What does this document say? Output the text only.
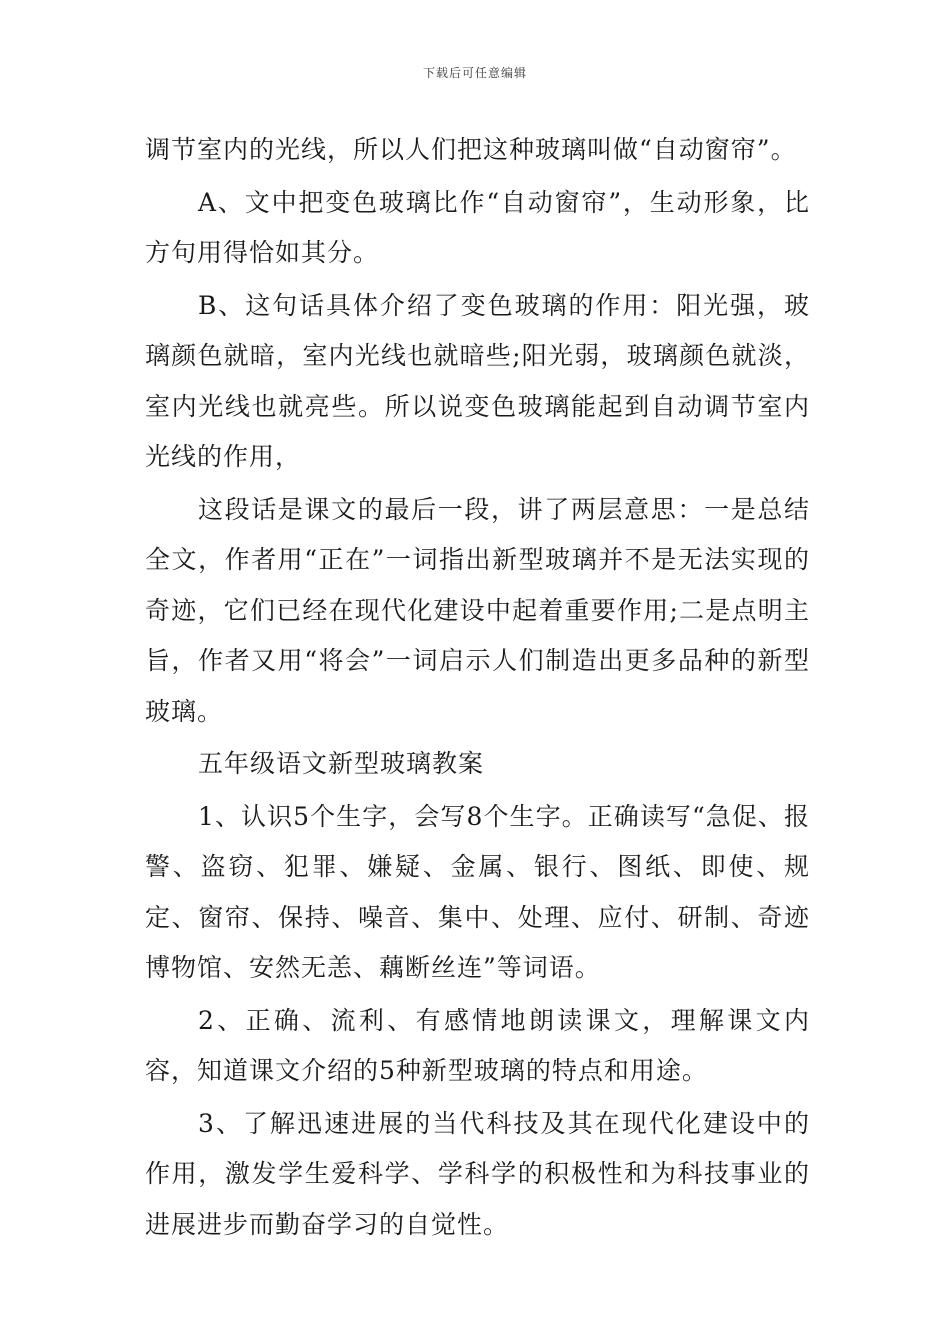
下载后可任意编辑

调节室内的光线，所以人们把这种玻璃叫做“自动窗帘”。

A、文中把变色玻璃比作“自动窗帘”，生动形象，比方句用得恰如其分。

B、这句话具体介绍了变色玻璃的作用：阳光强，玻璃颜色就暗，室内光线也就暗些;阳光弱，玻璃颜色就淡，室内光线也就亮些。所以说变色玻璃能起到自动调节室内光线的作用，

这段话是课文的最后一段，讲了两层意思：一是总结全文，作者用“正在”一词指出新型玻璃并不是无法实现的奇迹，它们已经在现代化建设中起着重要作用;二是点明主旨，作者又用“将会”一词启示人们制造出更多品种的新型玻璃。

五年级语文新型玻璃教案

1、认识5个生字，会写8个生字。正确读写“急促、报警、盗窃、犯罪、嫌疑、金属、银行、图纸、即使、规定、窗帘、保持、噪音、集中、处理、应付、研制、奇迹博物馆、安然无恙、藕断丝连”等词语。

2、正确、流利、有感情地朗读课文，理解课文内容，知道课文介绍的5种新型玻璃的特点和用途。

3、了解迅速进展的当代科技及其在现代化建设中的作用，激发学生爱科学、学科学的积极性和为科技事业的进展进步而勤奋学习的自觉性。
